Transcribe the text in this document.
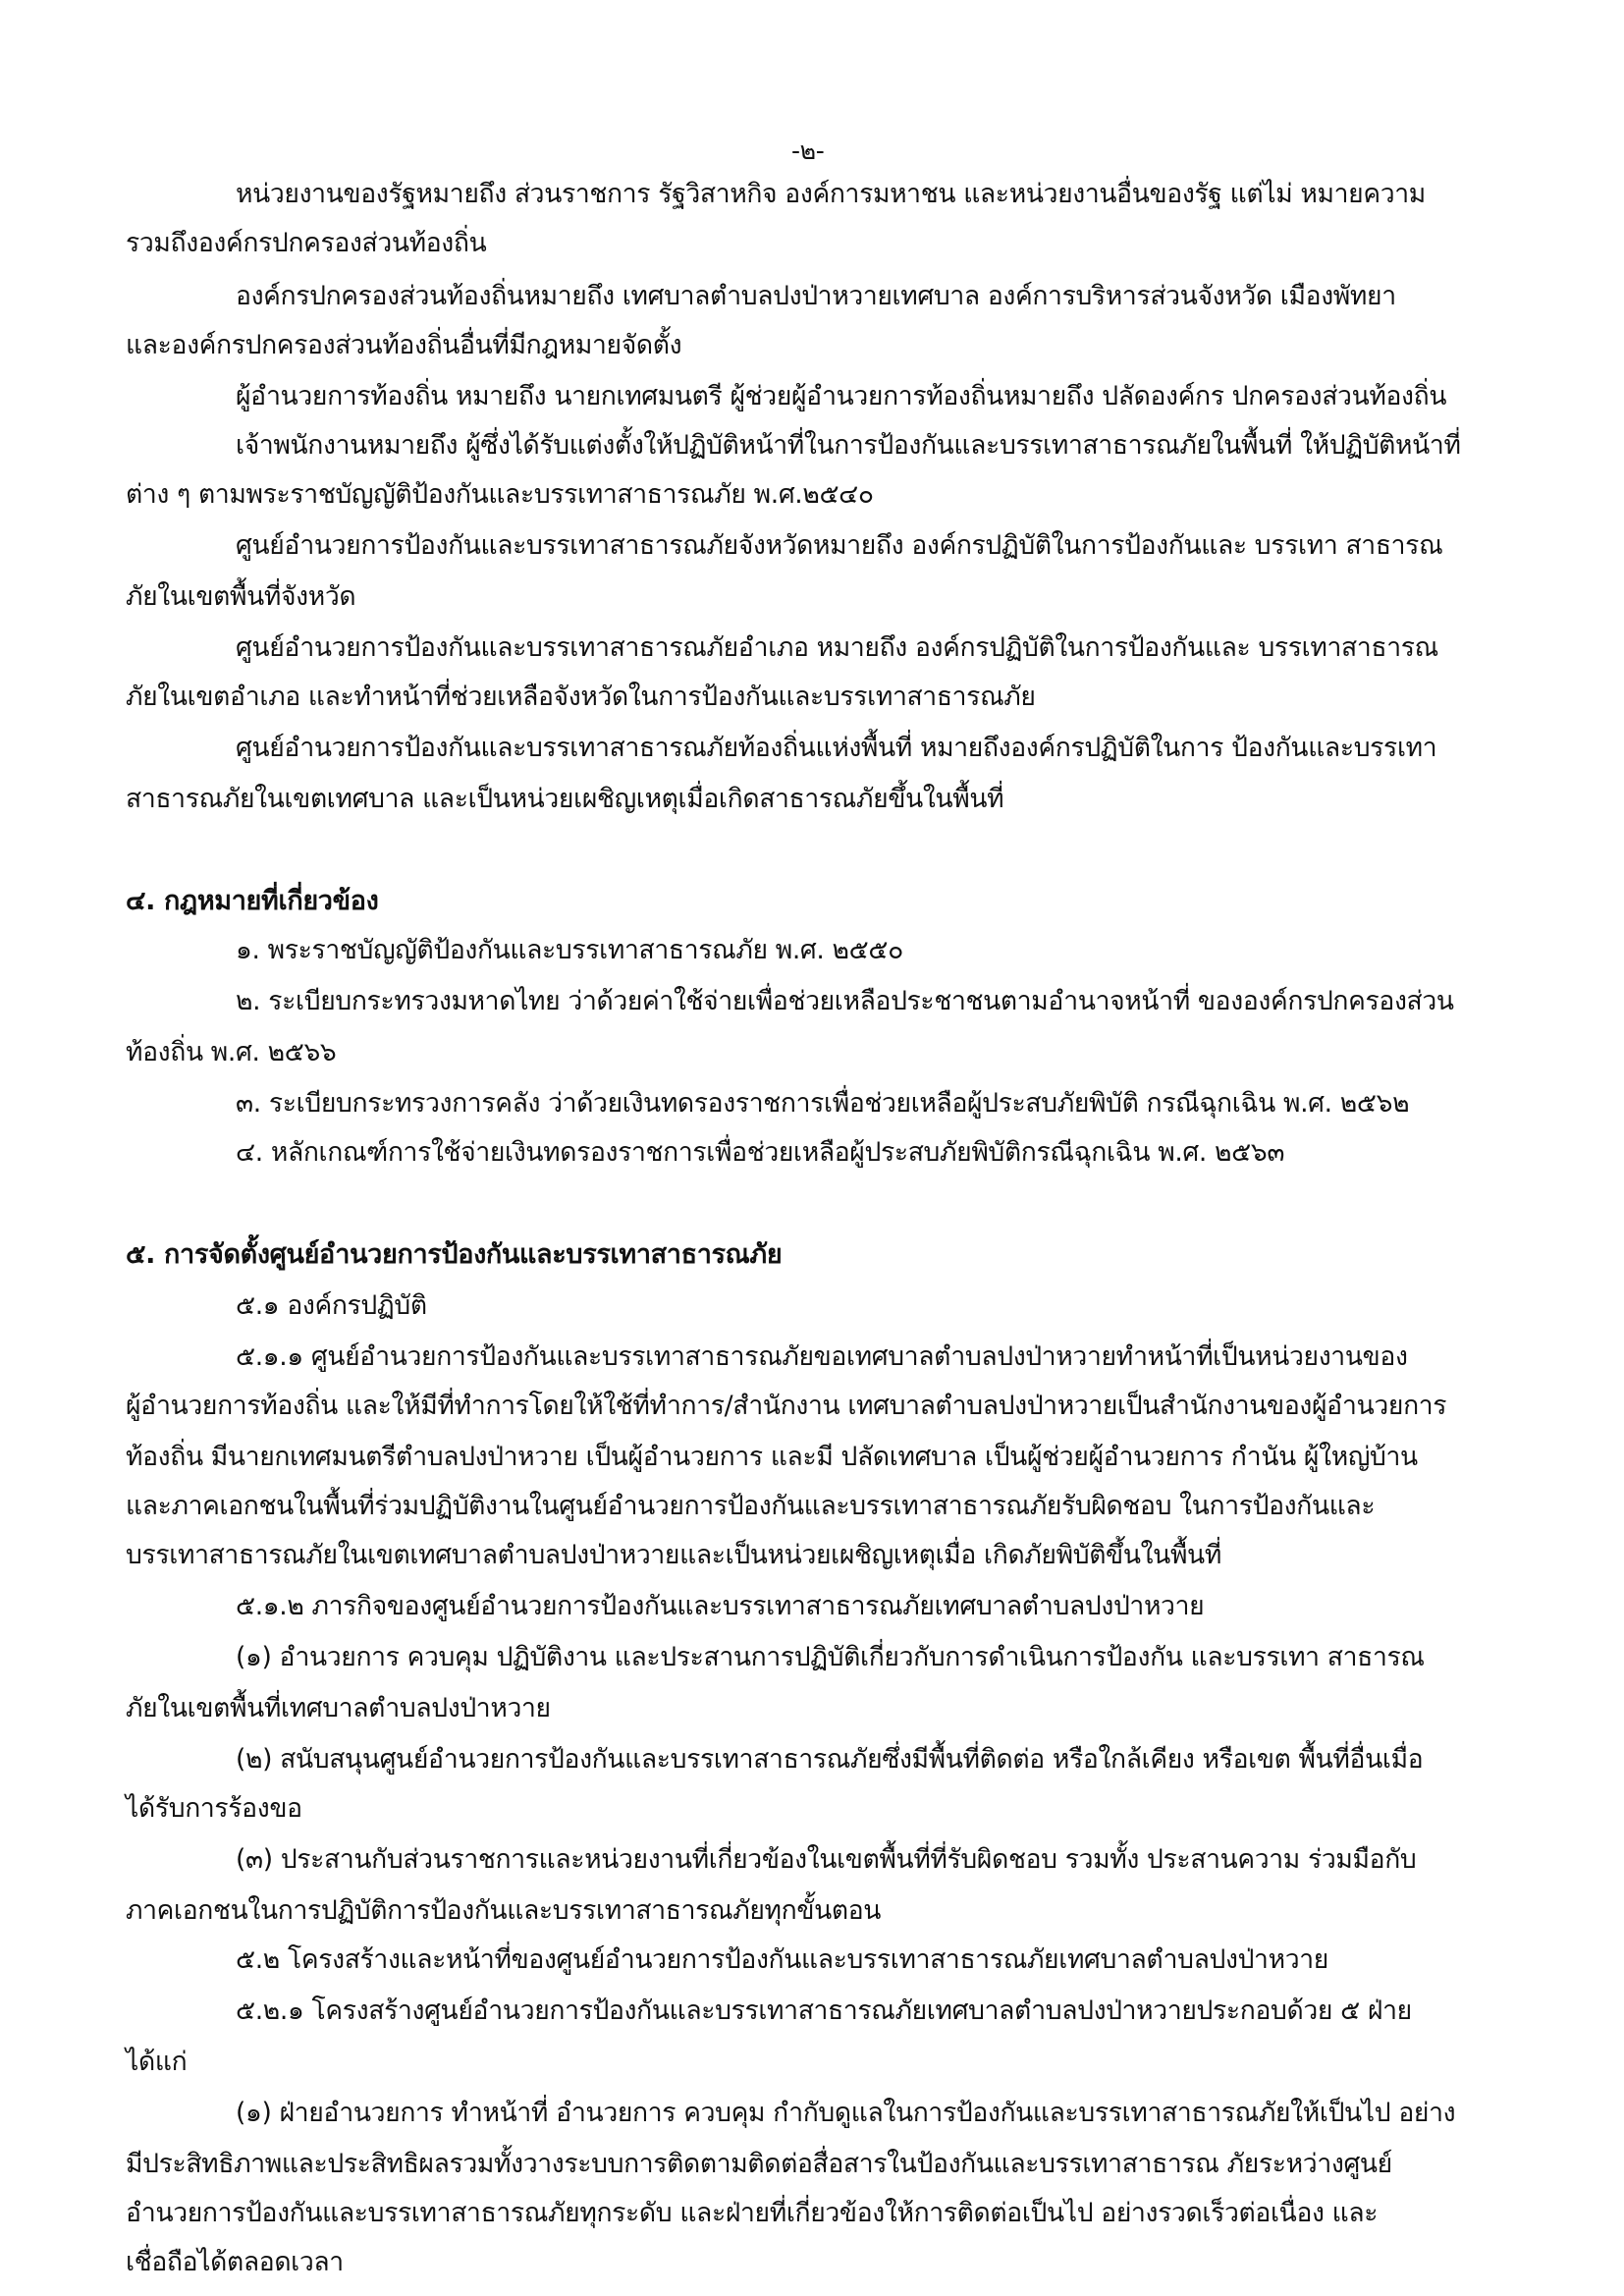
-๒-
หน่วยงานของรัฐหมายถึง ส่วนราชการ รัฐวิสาหกิจ องค์การมหาชน และหน่วยงานอื่นของรัฐ แต่ไม่ หมายความ
รวมถึงองค์กรปกครองส่วนท้องถิ่น
องค์กรปกครองส่วนท้องถิ่นหมายถึง เทศบาลตำบลปงป่าหวายเทศบาล องค์การบริหารส่วนจังหวัด เมืองพัทยา
และองค์กรปกครองส่วนท้องถิ่นอื่นที่มีกฎหมายจัดตั้ง
ผู้อำนวยการท้องถิ่น หมายถึง นายกเทศมนตรี ผู้ช่วยผู้อำนวยการท้องถิ่นหมายถึง ปลัดองค์กร ปกครองส่วนท้องถิ่น
เจ้าพนักงานหมายถึง ผู้ซึ่งได้รับแต่งตั้งให้ปฏิบัติหน้าที่ในการป้องกันและบรรเทาสาธารณภัยในพื้นที่ ให้ปฏิบัติหน้าที่
ต่าง ๆ ตามพระราชบัญญัติป้องกันและบรรเทาสาธารณภัย พ.ศ.๒๕๔๐
ศูนย์อำนวยการป้องกันและบรรเทาสาธารณภัยจังหวัดหมายถึง องค์กรปฏิบัติในการป้องกันและ บรรเทา สาธารณ
ภัยในเขตพื้นที่จังหวัด
ศูนย์อำนวยการป้องกันและบรรเทาสาธารณภัยอำเภอ หมายถึง องค์กรปฏิบัติในการป้องกันและ บรรเทาสาธารณ
ภัยในเขตอำเภอ และทำหน้าที่ช่วยเหลือจังหวัดในการป้องกันและบรรเทาสาธารณภัย
ศูนย์อำนวยการป้องกันและบรรเทาสาธารณภัยท้องถิ่นแห่งพื้นที่ หมายถึงองค์กรปฏิบัติในการ ป้องกันและบรรเทา
สาธารณภัยในเขตเทศบาล และเป็นหน่วยเผชิญเหตุเมื่อเกิดสาธารณภัยขึ้นในพื้นที่
๔. กฎหมายที่เกี่ยวข้อง
๑. พระราชบัญญัติป้องกันและบรรเทาสาธารณภัย พ.ศ. ๒๕๕๐
๒. ระเบียบกระทรวงมหาดไทย ว่าด้วยค่าใช้จ่ายเพื่อช่วยเหลือประชาชนตามอำนาจหน้าที่ ขององค์กรปกครองส่วน
ท้องถิ่น พ.ศ. ๒๕๖๖
๓. ระเบียบกระทรวงการคลัง ว่าด้วยเงินทดรองราชการเพื่อช่วยเหลือผู้ประสบภัยพิบัติ กรณีฉุกเฉิน พ.ศ. ๒๕๖๒
๔. หลักเกณฑ์การใช้จ่ายเงินทดรองราชการเพื่อช่วยเหลือผู้ประสบภัยพิบัติกรณีฉุกเฉิน พ.ศ. ๒๕๖๓
๕. การจัดตั้งศูนย์อำนวยการป้องกันและบรรเทาสาธารณภัย
๕.๑ องค์กรปฏิบัติ
๕.๑.๑ ศูนย์อำนวยการป้องกันและบรรเทาสาธารณภัยขอเทศบาลตำบลปงป่าหวายทำหน้าที่เป็นหน่วยงานของ
ผู้อำนวยการท้องถิ่น และให้มีที่ทำการโดยให้ใช้ที่ทำการ/สำนักงาน เทศบาลตำบลปงป่าหวายเป็นสำนักงานของผู้อำนวยการ
ท้องถิ่น มีนายกเทศมนตรีตำบลปงป่าหวาย เป็นผู้อำนวยการ และมี ปลัดเทศบาล เป็นผู้ช่วยผู้อำนวยการ กำนัน ผู้ใหญ่บ้าน
และภาคเอกชนในพื้นที่ร่วมปฏิบัติงานในศูนย์อำนวยการป้องกันและบรรเทาสาธารณภัยรับผิดชอบ ในการป้องกันและ
บรรเทาสาธารณภัยในเขตเทศบาลตำบลปงป่าหวายและเป็นหน่วยเผชิญเหตุเมื่อ เกิดภัยพิบัติขึ้นในพื้นที่
๕.๑.๒ ภารกิจของศูนย์อำนวยการป้องกันและบรรเทาสาธารณภัยเทศบาลตำบลปงป่าหวาย
(๑) อำนวยการ ควบคุม ปฏิบัติงาน และประสานการปฏิบัติเกี่ยวกับการดำเนินการป้องกัน และบรรเทา สาธารณ
ภัยในเขตพื้นที่เทศบาลตำบลปงป่าหวาย
(๒) สนับสนุนศูนย์อำนวยการป้องกันและบรรเทาสาธารณภัยซึ่งมีพื้นที่ติดต่อ หรือใกล้เคียง หรือเขต พื้นที่อื่นเมื่อ
ได้รับการร้องขอ
(๓) ประสานกับส่วนราชการและหน่วยงานที่เกี่ยวข้องในเขตพื้นที่ที่รับผิดชอบ รวมทั้ง ประสานความ ร่วมมือกับ
ภาคเอกชนในการปฏิบัติการป้องกันและบรรเทาสาธารณภัยทุกขั้นตอน
๕.๒ โครงสร้างและหน้าที่ของศูนย์อำนวยการป้องกันและบรรเทาสาธารณภัยเทศบาลตำบลปงป่าหวาย
๕.๒.๑ โครงสร้างศูนย์อำนวยการป้องกันและบรรเทาสาธารณภัยเทศบาลตำบลปงป่าหวายประกอบด้วย ๕ ฝ่าย
ได้แก่
(๑) ฝ่ายอำนวยการ ทำหน้าที่ อำนวยการ ควบคุม กำกับดูแลในการป้องกันและบรรเทาสาธารณภัยให้เป็นไป อย่าง
มีประสิทธิภาพและประสิทธิผลรวมทั้งวางระบบการติดตามติดต่อสื่อสารในป้องกันและบรรเทาสาธารณ ภัยระหว่างศูนย์
อำนวยการป้องกันและบรรเทาสาธารณภัยทุกระดับ และฝ่ายที่เกี่ยวข้องให้การติดต่อเป็นไป อย่างรวดเร็วต่อเนื่อง และ
เชื่อถือได้ตลอดเวลา
